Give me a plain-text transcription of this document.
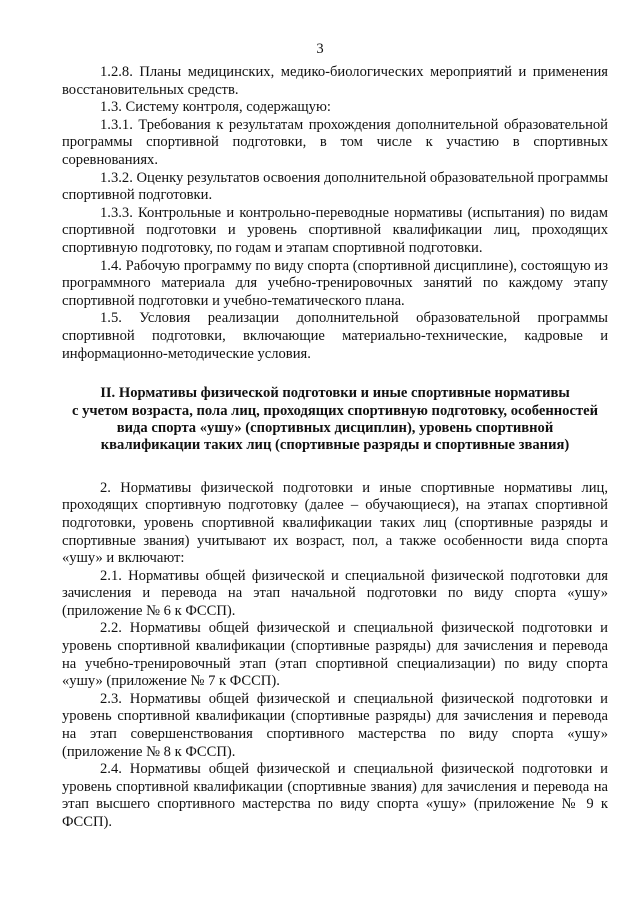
3

1.2.8. Планы медицинских, медико-биологических мероприятий и применения восстановительных средств.

1.3. Систему контроля, содержащую:

1.3.1. Требования к результатам прохождения дополнительной образовательной программы спортивной подготовки, в том числе к участию в спортивных соревнованиях.

1.3.2. Оценку результатов освоения дополнительной образовательной программы спортивной подготовки.

1.3.3. Контрольные и контрольно-переводные нормативы (испытания) по видам спортивной подготовки и уровень спортивной квалификации лиц, проходящих спортивную подготовку, по годам и этапам спортивной подготовки.

1.4. Рабочую программу по виду спорта (спортивной дисциплине), состоящую из программного материала для учебно-тренировочных занятий по каждому этапу спортивной подготовки и учебно-тематического плана.

1.5. Условия реализации дополнительной образовательной программы спортивной подготовки, включающие материально-технические, кадровые и информационно-методические условия.

II. Нормативы физической подготовки и иные спортивные нормативы
с учетом возраста, пола лиц, проходящих спортивную подготовку, особенностей
вида спорта «ушу» (спортивных дисциплин), уровень спортивной
квалификации таких лиц (спортивные разряды и спортивные звания)

2. Нормативы физической подготовки и иные спортивные нормативы лиц, проходящих спортивную подготовку (далее – обучающиеся), на этапах спортивной подготовки, уровень спортивной квалификации таких лиц (спортивные разряды и спортивные звания) учитывают их возраст, пол, а также особенности вида спорта «ушу» и включают:

2.1. Нормативы общей физической и специальной физической подготовки для зачисления и перевода на этап начальной подготовки по виду спорта «ушу» (приложение № 6 к ФССП).

2.2. Нормативы общей физической и специальной физической подготовки и уровень спортивной квалификации (спортивные разряды) для зачисления и перевода на учебно-тренировочный этап (этап спортивной специализации) по виду спорта «ушу» (приложение № 7 к ФССП).

2.3. Нормативы общей физической и специальной физической подготовки и уровень спортивной квалификации (спортивные разряды) для зачисления и перевода на этап совершенствования спортивного мастерства по виду спорта «ушу» (приложение № 8 к ФССП).

2.4. Нормативы общей физической и специальной физической подготовки и уровень спортивной квалификации (спортивные звания) для зачисления и перевода на этап высшего спортивного мастерства по виду спорта «ушу» (приложение № 9 к ФССП).
